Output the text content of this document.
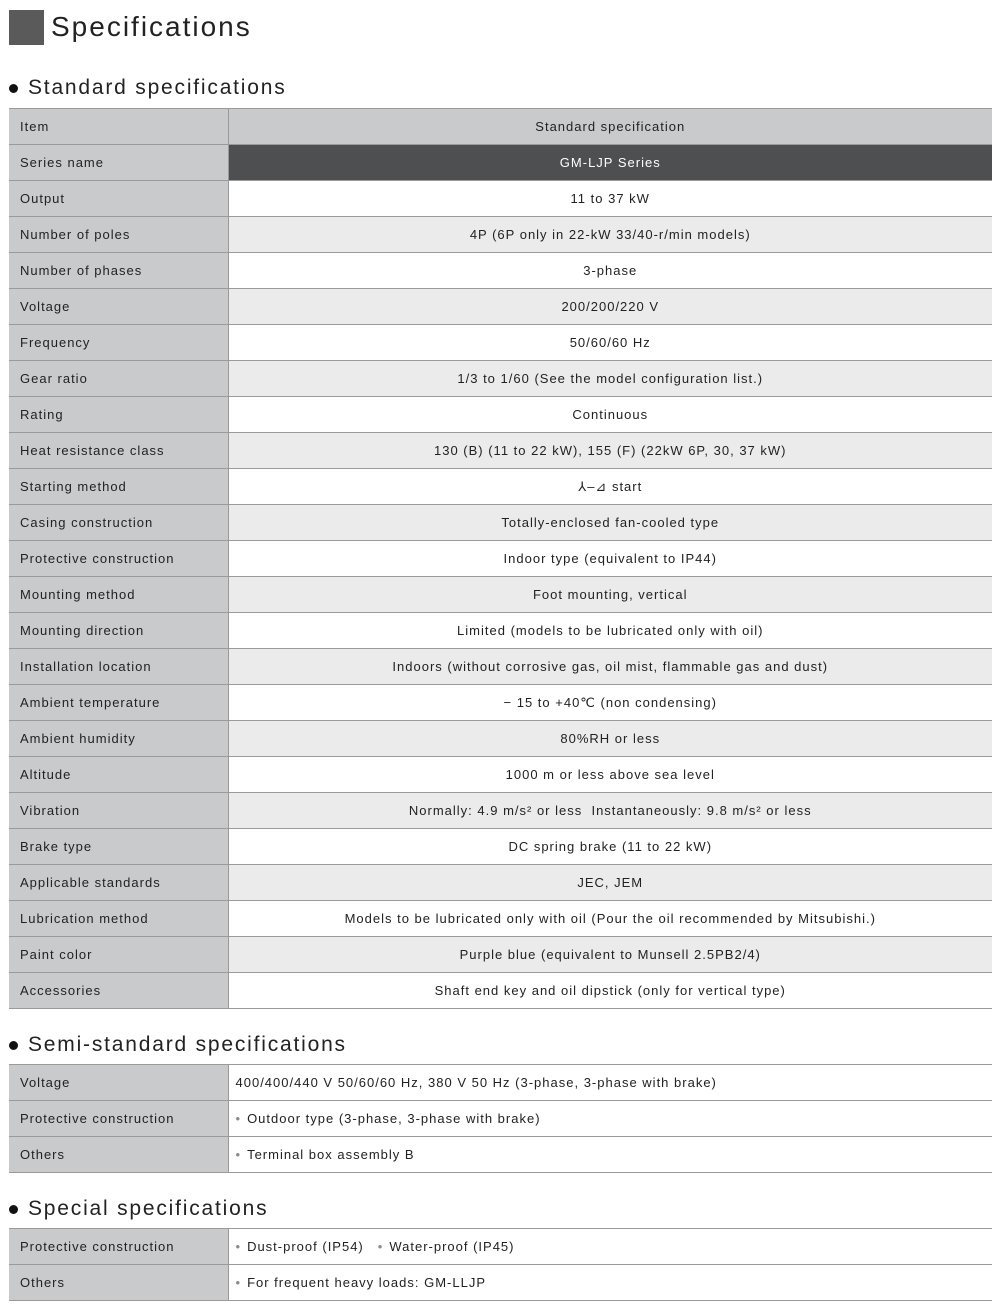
Specifications
Standard specifications
Item	Standard specification
Series name	GM-LJP Series
Output	11 to 37 kW
Number of poles	4P (6P only in 22-kW 33/40-r/min models)
Number of phases	3-phase
Voltage	200/200/220 V
Frequency	50/60/60 Hz
Gear ratio	1/3 to 1/60 (See the model configuration list.)
Rating	Continuous
Heat resistance class	130 (B) (11 to 22 kW), 155 (F) (22kW 6P, 30, 37 kW)
Starting method	⅄–⊿ start
Casing construction	Totally-enclosed fan-cooled type
Protective construction	Indoor type (equivalent to IP44)
Mounting method	Foot mounting, vertical
Mounting direction	Limited (models to be lubricated only with oil)
Installation location	Indoors (without corrosive gas, oil mist, flammable gas and dust)
Ambient temperature	− 15 to +40℃ (non condensing)
Ambient humidity	80%RH or less
Altitude	1000 m or less above sea level
Vibration	Normally: 4.9 m/s² or less  Instantaneously: 9.8 m/s² or less
Brake type	DC spring brake (11 to 22 kW)
Applicable standards	JEC, JEM
Lubrication method	Models to be lubricated only with oil (Pour the oil recommended by Mitsubishi.)
Paint color	Purple blue (equivalent to Munsell 2.5PB2/4)
Accessories	Shaft end key and oil dipstick (only for vertical type)
Semi-standard specifications
Voltage	400/400/440 V 50/60/60 Hz, 380 V 50 Hz (3-phase, 3-phase with brake)
Protective construction	• Outdoor type (3-phase, 3-phase with brake)
Others	• Terminal box assembly B
Special specifications
Protective construction	• Dust-proof (IP54) • Water-proof (IP45)
Others	• For frequent heavy loads: GM-LLJP
